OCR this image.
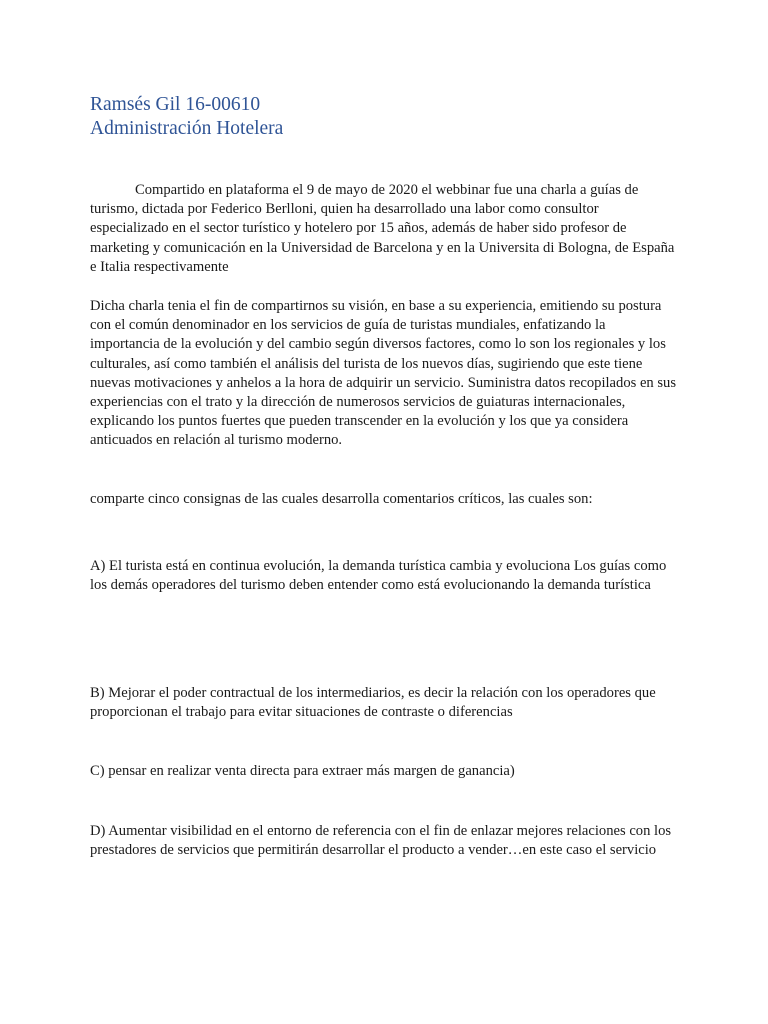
Ramsés Gil 16-00610
Administración Hotelera

Compartido en plataforma el 9 de mayo de 2020 el webbinar fue una charla a guías de turismo, dictada por Federico Berlloni, quien ha desarrollado una labor como consultor especializado en el sector turístico y hotelero por 15 años, además de haber sido profesor de marketing y comunicación en la Universidad de Barcelona y en la Universita di Bologna, de España e Italia respectivamente

Dicha charla tenia el fin de compartirnos su visión, en base a su experiencia, emitiendo su postura con el común denominador en los servicios de guía de turistas mundiales, enfatizando la importancia de la evolución y del cambio según diversos factores, como lo son los regionales y los culturales, así como también el análisis del turista de los nuevos días, sugiriendo que este tiene nuevas motivaciones y anhelos a la hora de adquirir un servicio. Suministra datos recopilados en sus experiencias con el trato y la dirección de numerosos servicios de guiaturas internacionales, explicando los puntos fuertes que pueden transcender en la evolución y los que ya considera anticuados en relación al turismo moderno.

comparte cinco consignas de las cuales desarrolla comentarios críticos, las cuales son:

A) El turista está en continua evolución, la demanda turística cambia y evoluciona Los guías como los demás operadores del turismo deben entender como está evolucionando la demanda turística

B) Mejorar el poder contractual de los intermediarios, es decir la relación con los operadores que proporcionan el trabajo para evitar situaciones de contraste o diferencias

C) pensar en realizar venta directa para extraer más margen de ganancia)

D) Aumentar visibilidad en el entorno de referencia con el fin de enlazar mejores relaciones con los prestadores de servicios que permitirán desarrollar el producto a vender…en este caso el servicio
